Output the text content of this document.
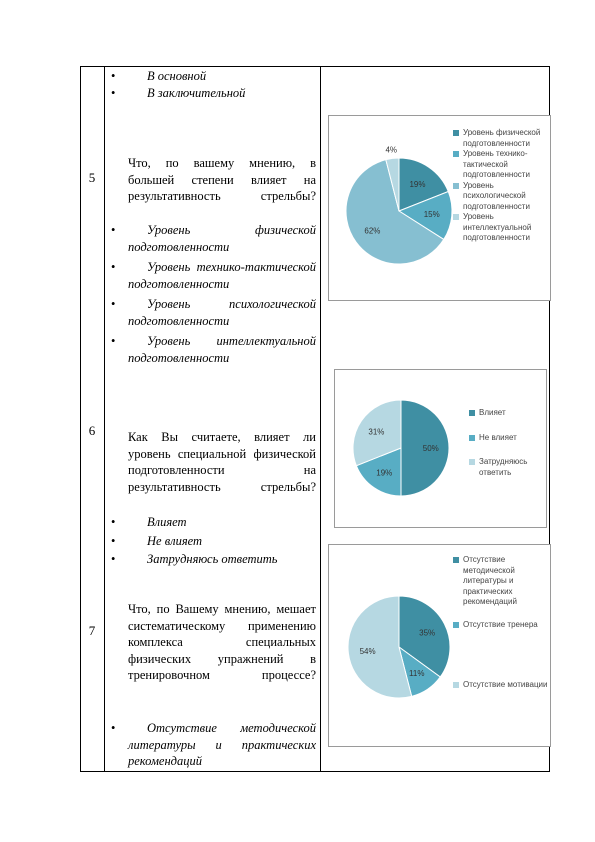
• В основной
• В заключительной
5
Что, по вашему мнению, в большей степени влияет на результативность стрельбы?
• Уровень физической подготовленности
• Уровень технико-тактической подготовленности
• Уровень психологической подготовленности
• Уровень интеллектуальной подготовленности
6	Как Вы считаете, влияет ли уровень специальной физической подготовленности на результативность стрельбы?
• Влияет
• Не влияет
• Затрудняюсь ответить
7
Что, по Вашему мнению, мешает систематическому применению комплекса специальных физических упражнений в тренировочном процессе?
• Отсутствие методической литературы и практических рекомендаций
19%
15%
62%
4%
Уровень физической подготовленности
Уровень технико-тактической подготовленности
Уровень психологической подготовленности
Уровень интеллектуальной подготовленности
50%
19%
31%
Влияет
Не влияет
Затрудняюсь ответить
35%
11%
54%
Отсутствие методической литературы и практических рекомендаций
Отсутствие тренера
Отсутствие мотивации
